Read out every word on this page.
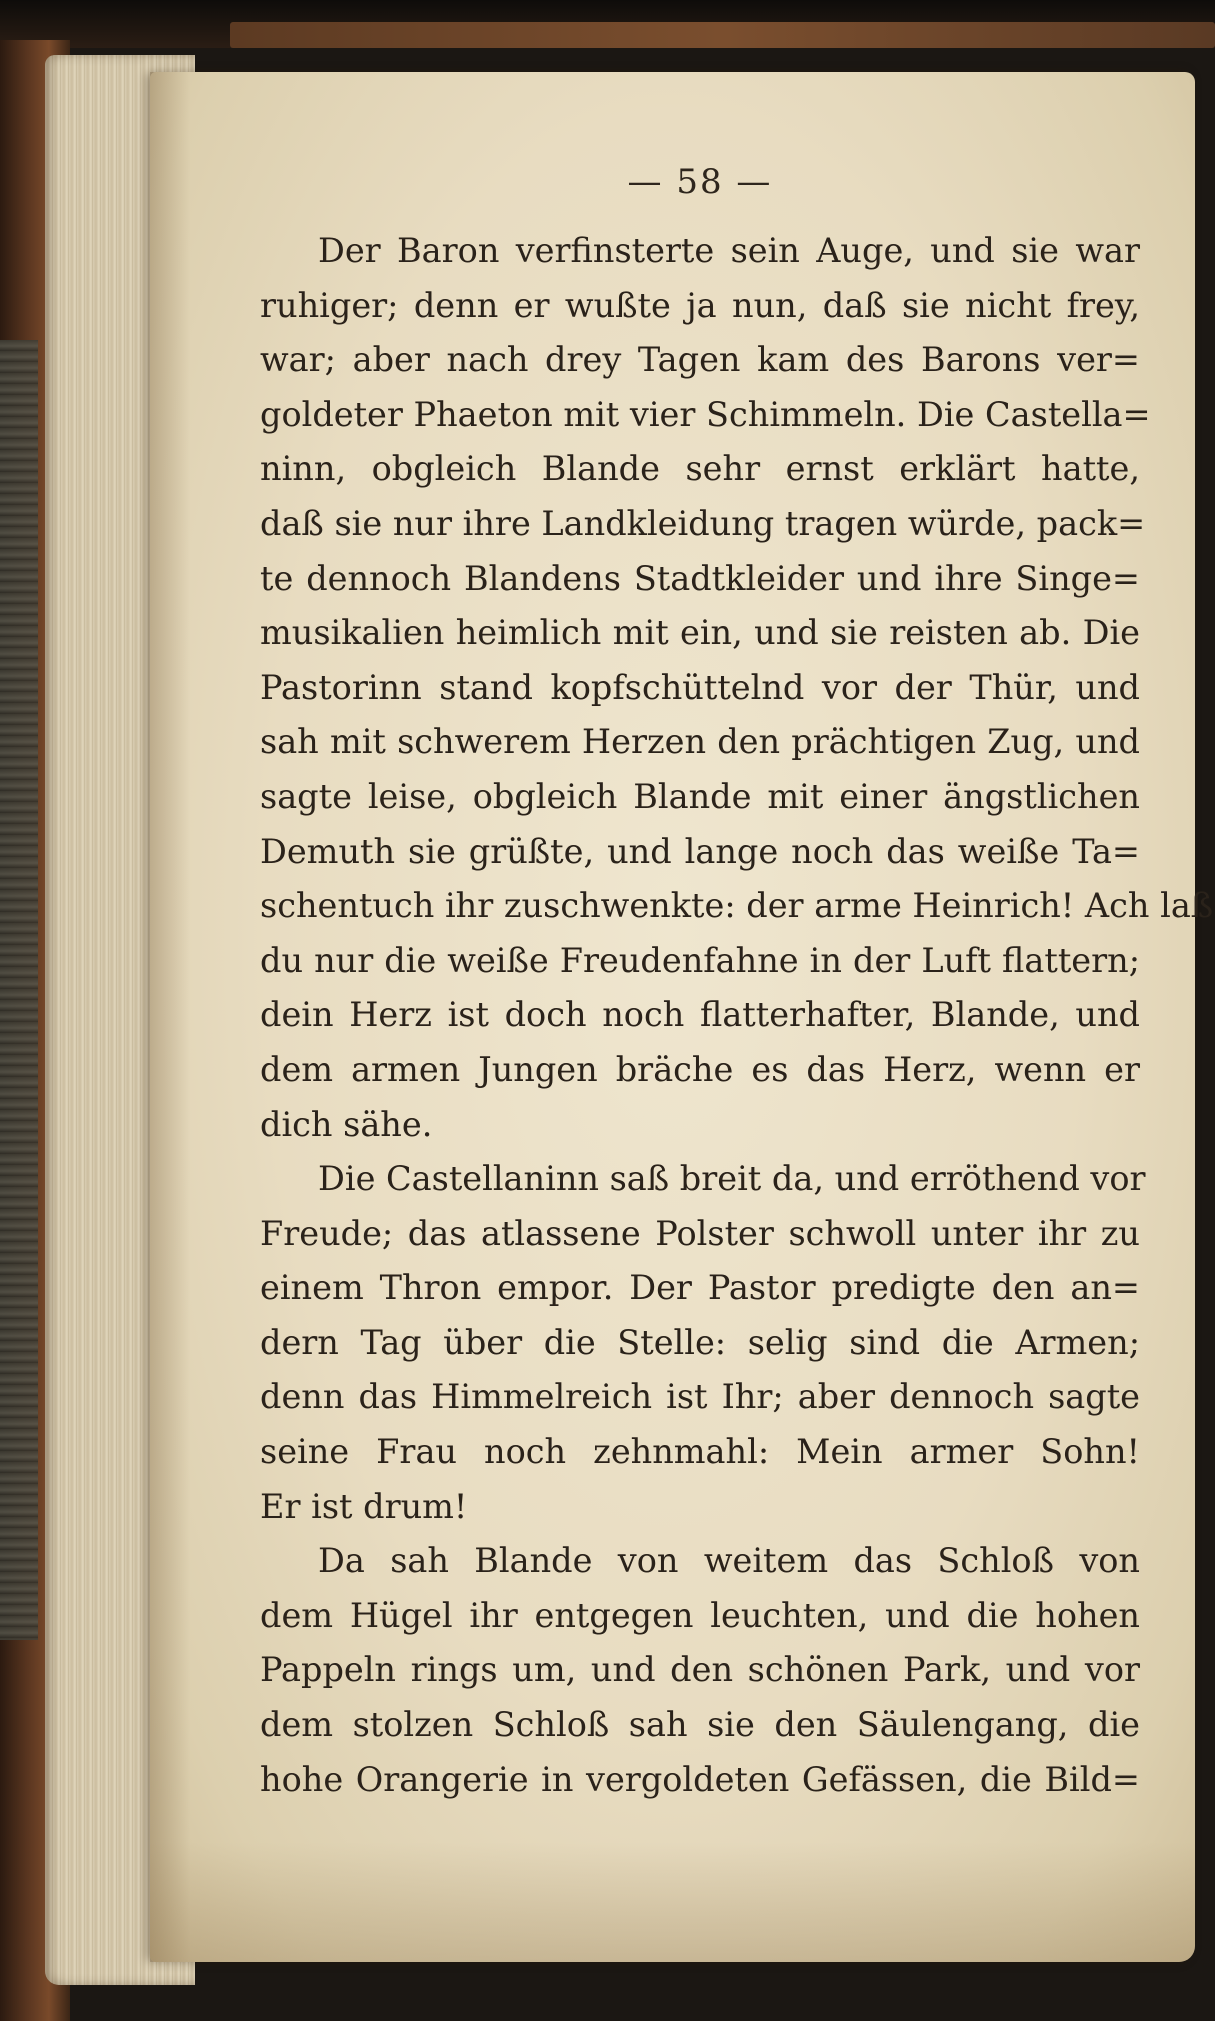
— 58 —

Der Baron verfinsterte sein Auge, und sie war
ruhiger; denn er wußte ja nun, daß sie nicht frey,
war; aber nach drey Tagen kam des Barons ver=
goldeter Phaeton mit vier Schimmeln. Die Castella=
ninn, obgleich Blande sehr ernst erklärt hatte,
daß sie nur ihre Landkleidung tragen würde, pack=
te dennoch Blandens Stadtkleider und ihre Singe=
musikalien heimlich mit ein, und sie reisten ab. Die
Pastorinn stand kopfschüttelnd vor der Thür, und
sah mit schwerem Herzen den prächtigen Zug, und
sagte leise, obgleich Blande mit einer ängstlichen
Demuth sie grüßte, und lange noch das weiße Ta=
schentuch ihr zuschwenkte: der arme Heinrich! Ach laß
du nur die weiße Freudenfahne in der Luft flattern;
dein Herz ist doch noch flatterhafter, Blande, und
dem armen Jungen bräche es das Herz, wenn er
dich sähe.

Die Castellaninn saß breit da, und erröthend vor
Freude; das atlassene Polster schwoll unter ihr zu
einem Thron empor. Der Pastor predigte den an=
dern Tag über die Stelle: selig sind die Armen;
denn das Himmelreich ist Ihr; aber dennoch sagte
seine Frau noch zehnmahl: Mein armer Sohn!
Er ist drum!

Da sah Blande von weitem das Schloß von
dem Hügel ihr entgegen leuchten, und die hohen
Pappeln rings um, und den schönen Park, und vor
dem stolzen Schloß sah sie den Säulengang, die
hohe Orangerie in vergoldeten Gefässen, die Bild=
